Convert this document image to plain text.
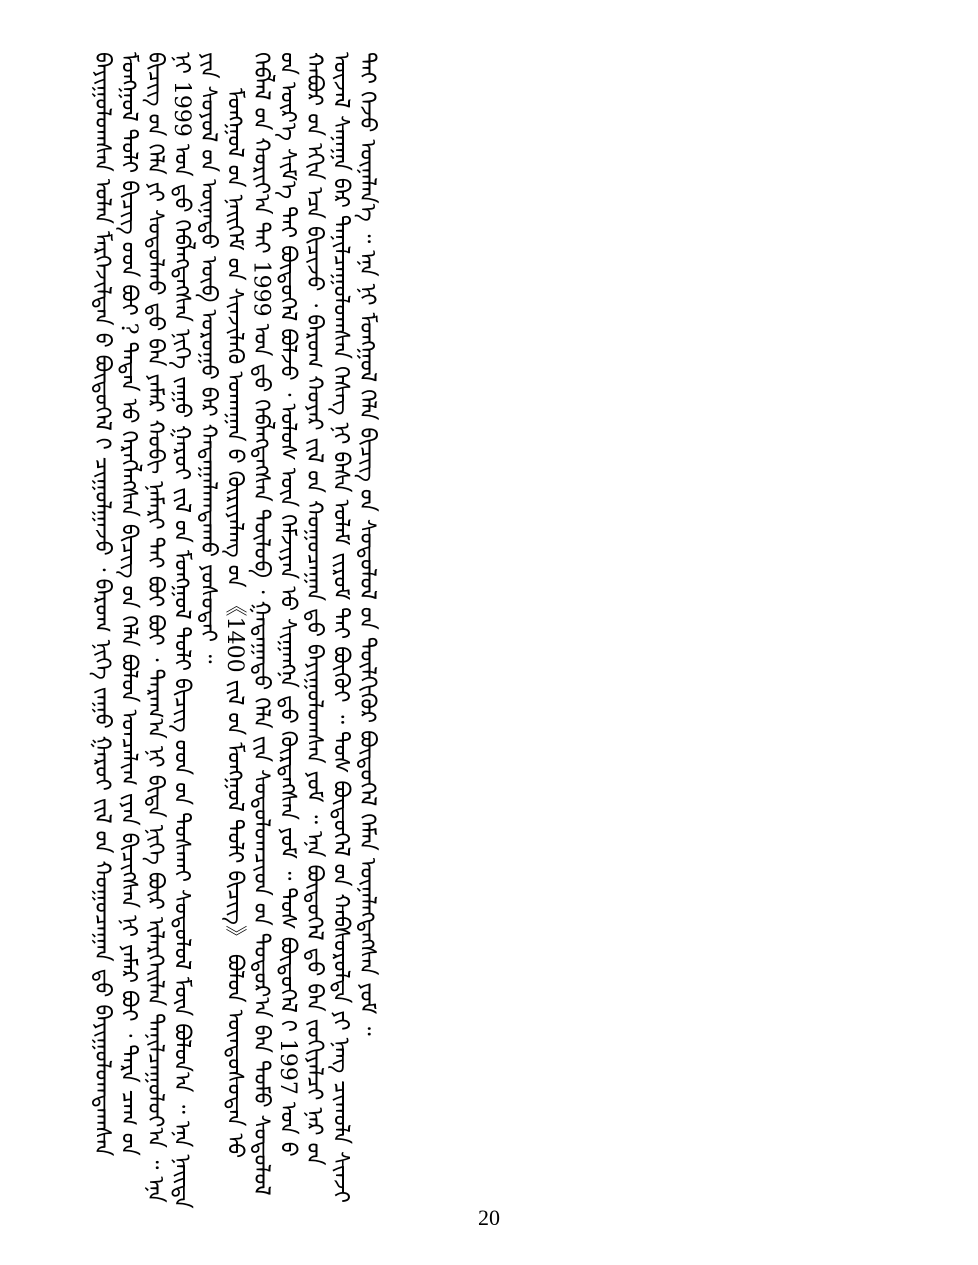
ᠪᠠᠶᠢᠭᠤᠯᠤᠭᠰᠠᠨ ᠣᠯᠠᠨ ᠮᠡᠷᠭᠡᠵᠢᠯᠲᠡᠨ ᠤ᠋ ᠪᠦᠲᠦᠭᠡᠯ ᠢ᠋ ᠴᠢᠭᠤᠯᠭᠠᠵᠤ ᠂ ᠪᠠᠷᠤᠭ ᠨᠢᠭᠡ ᠵᠠᠭᠤ ᠭᠠᠷᠤᠢ ᠵᠢᠯ ᠦ᠋ᠨ ᠬᠤᠭᠤᠴᠠᠭᠠᠨ ᠳ᠋ᠤ᠌ ᠪᠠᠶᠢᠭᠤᠯᠤᠭᠳᠠᠭᠰᠠᠨ ᠮᠣᠩᠭᠣᠯ ᠲᠤᠯᠢ ᠪᠢᠴᠢᠭ ᠦ᠋ᠳ ᠪᠤᠢ ? ᠲᠡᠳᠡᠨ ᠦ᠋ ᠬᠡᠷᠡᠭᠯᠡᠭᠰᠡᠨ ᠪᠢᠴᠢᠭ ᠦ᠋ᠨ ᠬᠡᠯᠡ ᠪᠤᠯᠤᠨ ᠣᠨᠴᠠᠯᠢᠭ ᠢ᠋ᠶᠠᠨ ᠪᠢᠴᠢᠭᠰᠡᠨ ᠨᠢ ᠶᠠᠮᠠᠷ ᠪᠤᠢ ᠂ ᠲᠡᠷᠡ ᠴᠠᠭ ᠤ᠋ᠨ ᠪᠢᠴᠢᠭ ᠦ᠋ᠨ ᠬᠡᠯᠡ ᠶᠢ ᠰᠤᠳᠤᠯᠬᠤ ᠳ᠋ᠤ᠌ ᠪᠠᠨ ᠶᠠᠮᠠᠷ ᠬᠤᠪᠢ ᠨᠡᠮᠡᠷᠢ ᠲᠡᠶ ᠪᠤᠢ ᠪᠤᠢ ᠂ ᠳᠠᠷᠠᠭ᠎ᠠ ᠨᠢ ᠪᠢᠳᠡ ᠨᠢᠭᠡ ᠪᠦᠷ ᠢᠯᠡᠷᠬᠡᠢᠯᠡᠨ ᠲᠠᠨᠢᠯᠴᠠᠭᠤᠯᠤᠶ᠎ᠠ ᠃ ᠡᠨᠡ ᠨᠢ 1999 ᠣᠨ ᠳ᠋ᠤ᠌ ᠬᠡᠪᠯᠡᠭᠳᠡᠭᠰᠡᠨ ᠨᠢᠭᠡ ᠵᠠᠭᠤ ᠭᠠᠷᠤᠢ ᠵᠢᠯ ᠦ᠋ᠨ ᠮᠣᠩᠭᠣᠯ ᠲᠣᠯᠢ ᠪᠢᠴᠢᠭ ᠦ᠋ᠳ ᠤ᠋ᠨ ᠲᠤᠰᠬᠠᠢ ᠰᠤᠳᠤᠯᠤᠯ ᠮᠥᠨ ᠪᠣᠯᠤᠨ᠎ᠠ ᠃ ᠡᠨᠡ ᠨᠡᠢᠲᠡ ᠶᠢᠨ ᠰᠣᠶᠣᠯ ᠤ᠋ᠨ ᠦᠨᠡᠲᠦ ᠥᠪ ᠣᠷᠤᠭᠤ ᠪᠠᠷ ᠬᠠᠳᠠᠭᠠᠯᠠᠭᠳᠠᠬᠤ ᠶᠣᠰᠣᠲᠠᠢ ᠃ ᠮᠣᠩᠭᠣᠯ ᠤ᠋ᠨ ᠨᠡᠢᠭᠡᠮ ᠤ᠋ᠨ ᠰᠢᠨᠵᠢᠯᠡᠬᠦ ᠤᠬᠠᠭᠠᠨ ᠤ᠋ ᠬᠦᠷᠢᠶᠡᠯᠡᠩ ᠤ᠋ᠨ 《1400 ᠵᠢᠯ ᠤ᠋ᠨ ᠮᠣᠩᠭᠣᠯ ᠲᠣᠯᠢ ᠪᠢᠴᠢᠭ》 ᠪᠣᠯᠤᠨ ᠦᠨᠳᠦᠰᠦᠲᠡᠨ ᠦ᠋ ᠬᠡᠪᠯᠡᠯ ᠦ᠋ᠨ ᠬᠣᠷᠢᠶ᠎ᠠ ᠲᠠᠢ 1999 ᠣᠨ ᠳ᠋ᠤ᠌ ᠬᠡᠪᠯᠡᠭᠳᠡᠭᠰᠡᠨ ᠲᠥᠯᠥᠪ ᠂ ᠭᠠᠳᠠᠭᠠᠳᠤ ᠬᠡᠯᠡ ᠵᠢᠨ ᠰᠤᠳᠤᠯᠤᠭᠴᠢᠳ ᠤ᠋ᠨ ᠳᠣᠲᠤᠷ᠎ᠠ ᠪᠡᠨ ᠲᠣᠮᠤ ᠰᠤᠳᠤᠯᠤᠯ ᠤ᠋ᠨ ᠦᠷ᠎ᠡ ᠰᠢᠮ᠎ᠡ ᠲᠠᠢ ᠪᠦᠲᠦᠭᠡᠯ ᠪᠣᠯᠵᠤ ᠂ ᠤᠯᠤᠰ ᠦᠨ ᠬᠡᠮᠵᠢᠶᠡᠨ ᠦ᠋ ᠰᠢᠭᠠᠩᠨᠠ ᠳ᠋ᠤ᠌ ᠬᠦᠷᠲᠡᠭᠰᠡᠨ ᠶᠤᠮ ᠃ ᠲᠤᠰ ᠪᠦᠲᠦᠭᠡᠯ ᠢ᠋ 1997 ᠣᠨ ᠤ᠋ ᠬᠠᠪᠤᠷ ᠤ᠋ᠨ ᠡᠬᠢᠨ ᠡᠴᠡ ᠪᠢᠴᠢᠵᠦ ᠂ ᠪᠠᠷᠤᠭ ᠬᠣᠶᠠᠷ ᠵᠢᠯ ᠦ᠋ᠨ ᠬᠤᠭᠤᠴᠠᠭᠠᠨ ᠳ᠋ᠤ᠌ ᠪᠠᠶᠢᠭᠤᠯᠤᠭᠰᠠᠨ ᠶᠤᠮ ᠃ ᠡᠨᠡ ᠪᠦᠲᠦᠭᠡᠯ ᠳ᠋ᠤ᠌ ᠪᠠᠨ ᠵᠣᠬᠢᠶᠠᠯᠴᠢ ᠨᠠᠷ ᠤ᠋ᠨ ᠦᠵᠡᠯ ᠰᠠᠨᠠᠭᠠ ᠪᠠᠷ ᠲᠠᠨᠢᠯᠴᠠᠭᠤᠯᠤᠭᠰᠠᠨ ᠬᠡᠰᠡᠭ ᠨᠢ ᠪᠠᠰᠠ ᠤᠯᠠᠮ ᠵᠢᠷᠤᠮ ᠲᠠᠢ ᠪᠦᠬᠦᠢ ᠃ ᠲᠤᠰ ᠪᠦᠲᠦᠭᠡᠯ ᠦ᠋ᠨ ᠬᠠᠪᠰᠤᠷᠤᠯᠲᠠ ᠶᠢ ᠨᠡᠩ ᠴᠢᠬᠤᠯᠠ ᠰᠢᠨᠵᠢ ᠲᠠᠢ ᠭᠡᠵᠦ ᠦᠨᠡᠯᠡᠨ᠎ᠡ ᠃ ᠡᠨᠡ ᠨᠢ ᠮᠣᠩᠭᠣᠯ ᠬᠡᠯᠡ ᠪᠢᠴᠢᠭ ᠦ᠋ᠨ ᠰᠤᠳᠤᠯᠤᠯ ᠤ᠋ᠨ ᠲᠦᠯᠬᠢᠭᠦᠷ ᠪᠦᠲᠦᠭᠡᠯ ᠬᠡᠮᠡᠨ ᠦᠨᠡᠯᠡᠭᠳᠡᠭᠰᠡᠨ ᠶᠤᠮ ᠃

20
